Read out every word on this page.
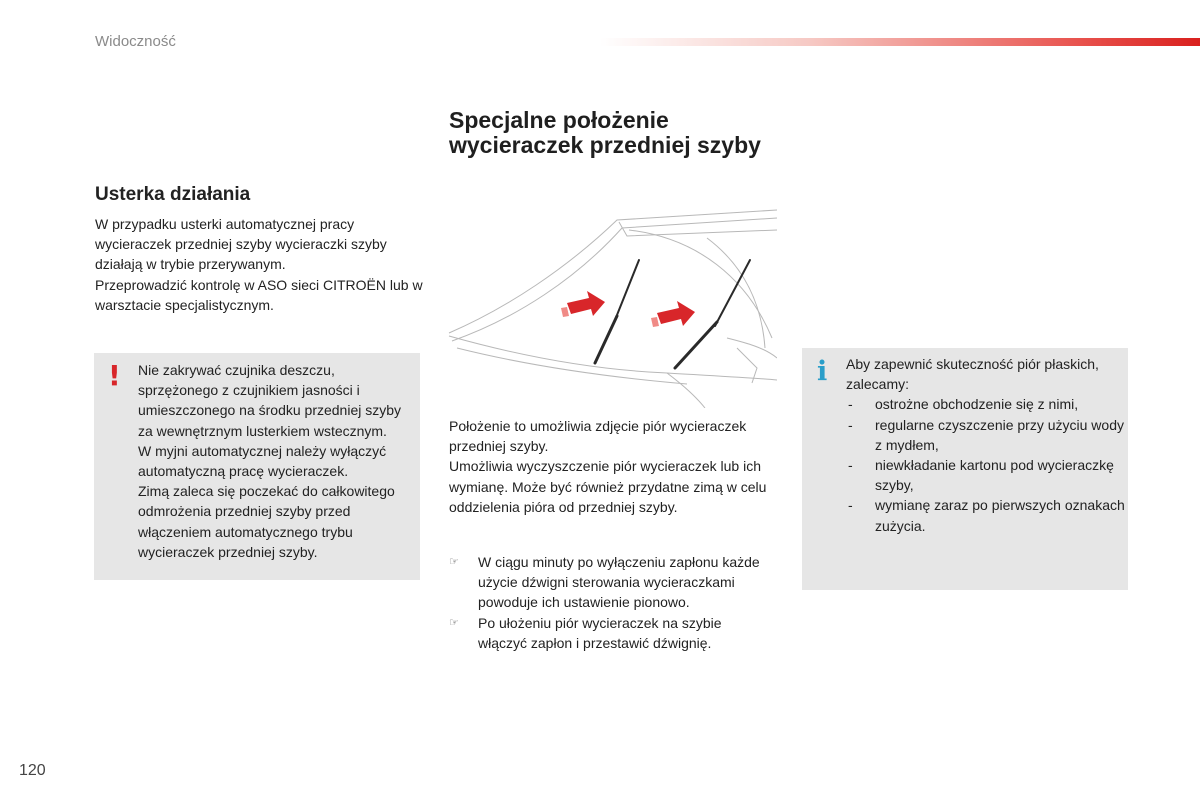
Widoczność
Usterka działania

W przypadku usterki automatycznej pracy wycieraczek przedniej szyby wycieraczki szyby działają w trybie przerywanym.

Przeprowadzić kontrolę w ASO sieci CITROËN lub w warsztacie specjalistycznym.

! Nie zakrywać czujnika deszczu, sprzężonego z czujnikiem jasności i umieszczonego na środku przedniej szyby za wewnętrznym lusterkiem wstecznym.

W myjni automatycznej należy wyłączyć automatyczną pracę wycieraczek.

Zimą zaleca się poczekać do całkowitego odmrożenia przedniej szyby przed włączeniem automatycznego trybu wycieraczek przedniej szyby.

Specjalne położenie wycieraczek przedniej szyby

Położenie to umożliwia zdjęcie piór wycieraczek przedniej szyby.

Umożliwia wyczyszczenie piór wycieraczek lub ich wymianę. Może być również przydatne zimą w celu oddzielenia pióra od przedniej szyby.

☞ W ciągu minuty po wyłączeniu zapłonu każde użycie dźwigni sterowania wycieraczkami powoduje ich ustawienie pionowo.
☞ Po ułożeniu piór wycieraczek na szybie włączyć zapłon i przestawić dźwignię.
i Aby zapewnić skuteczność piór płaskich, zalecamy:

- ostrożne obchodzenie się z nimi,
- regularne czyszczenie przy użyciu wody z mydłem,
- niewkładanie kartonu pod wycieraczkę szyby,
- wymianę zaraz po pierwszych oznakach zużycia.
120
